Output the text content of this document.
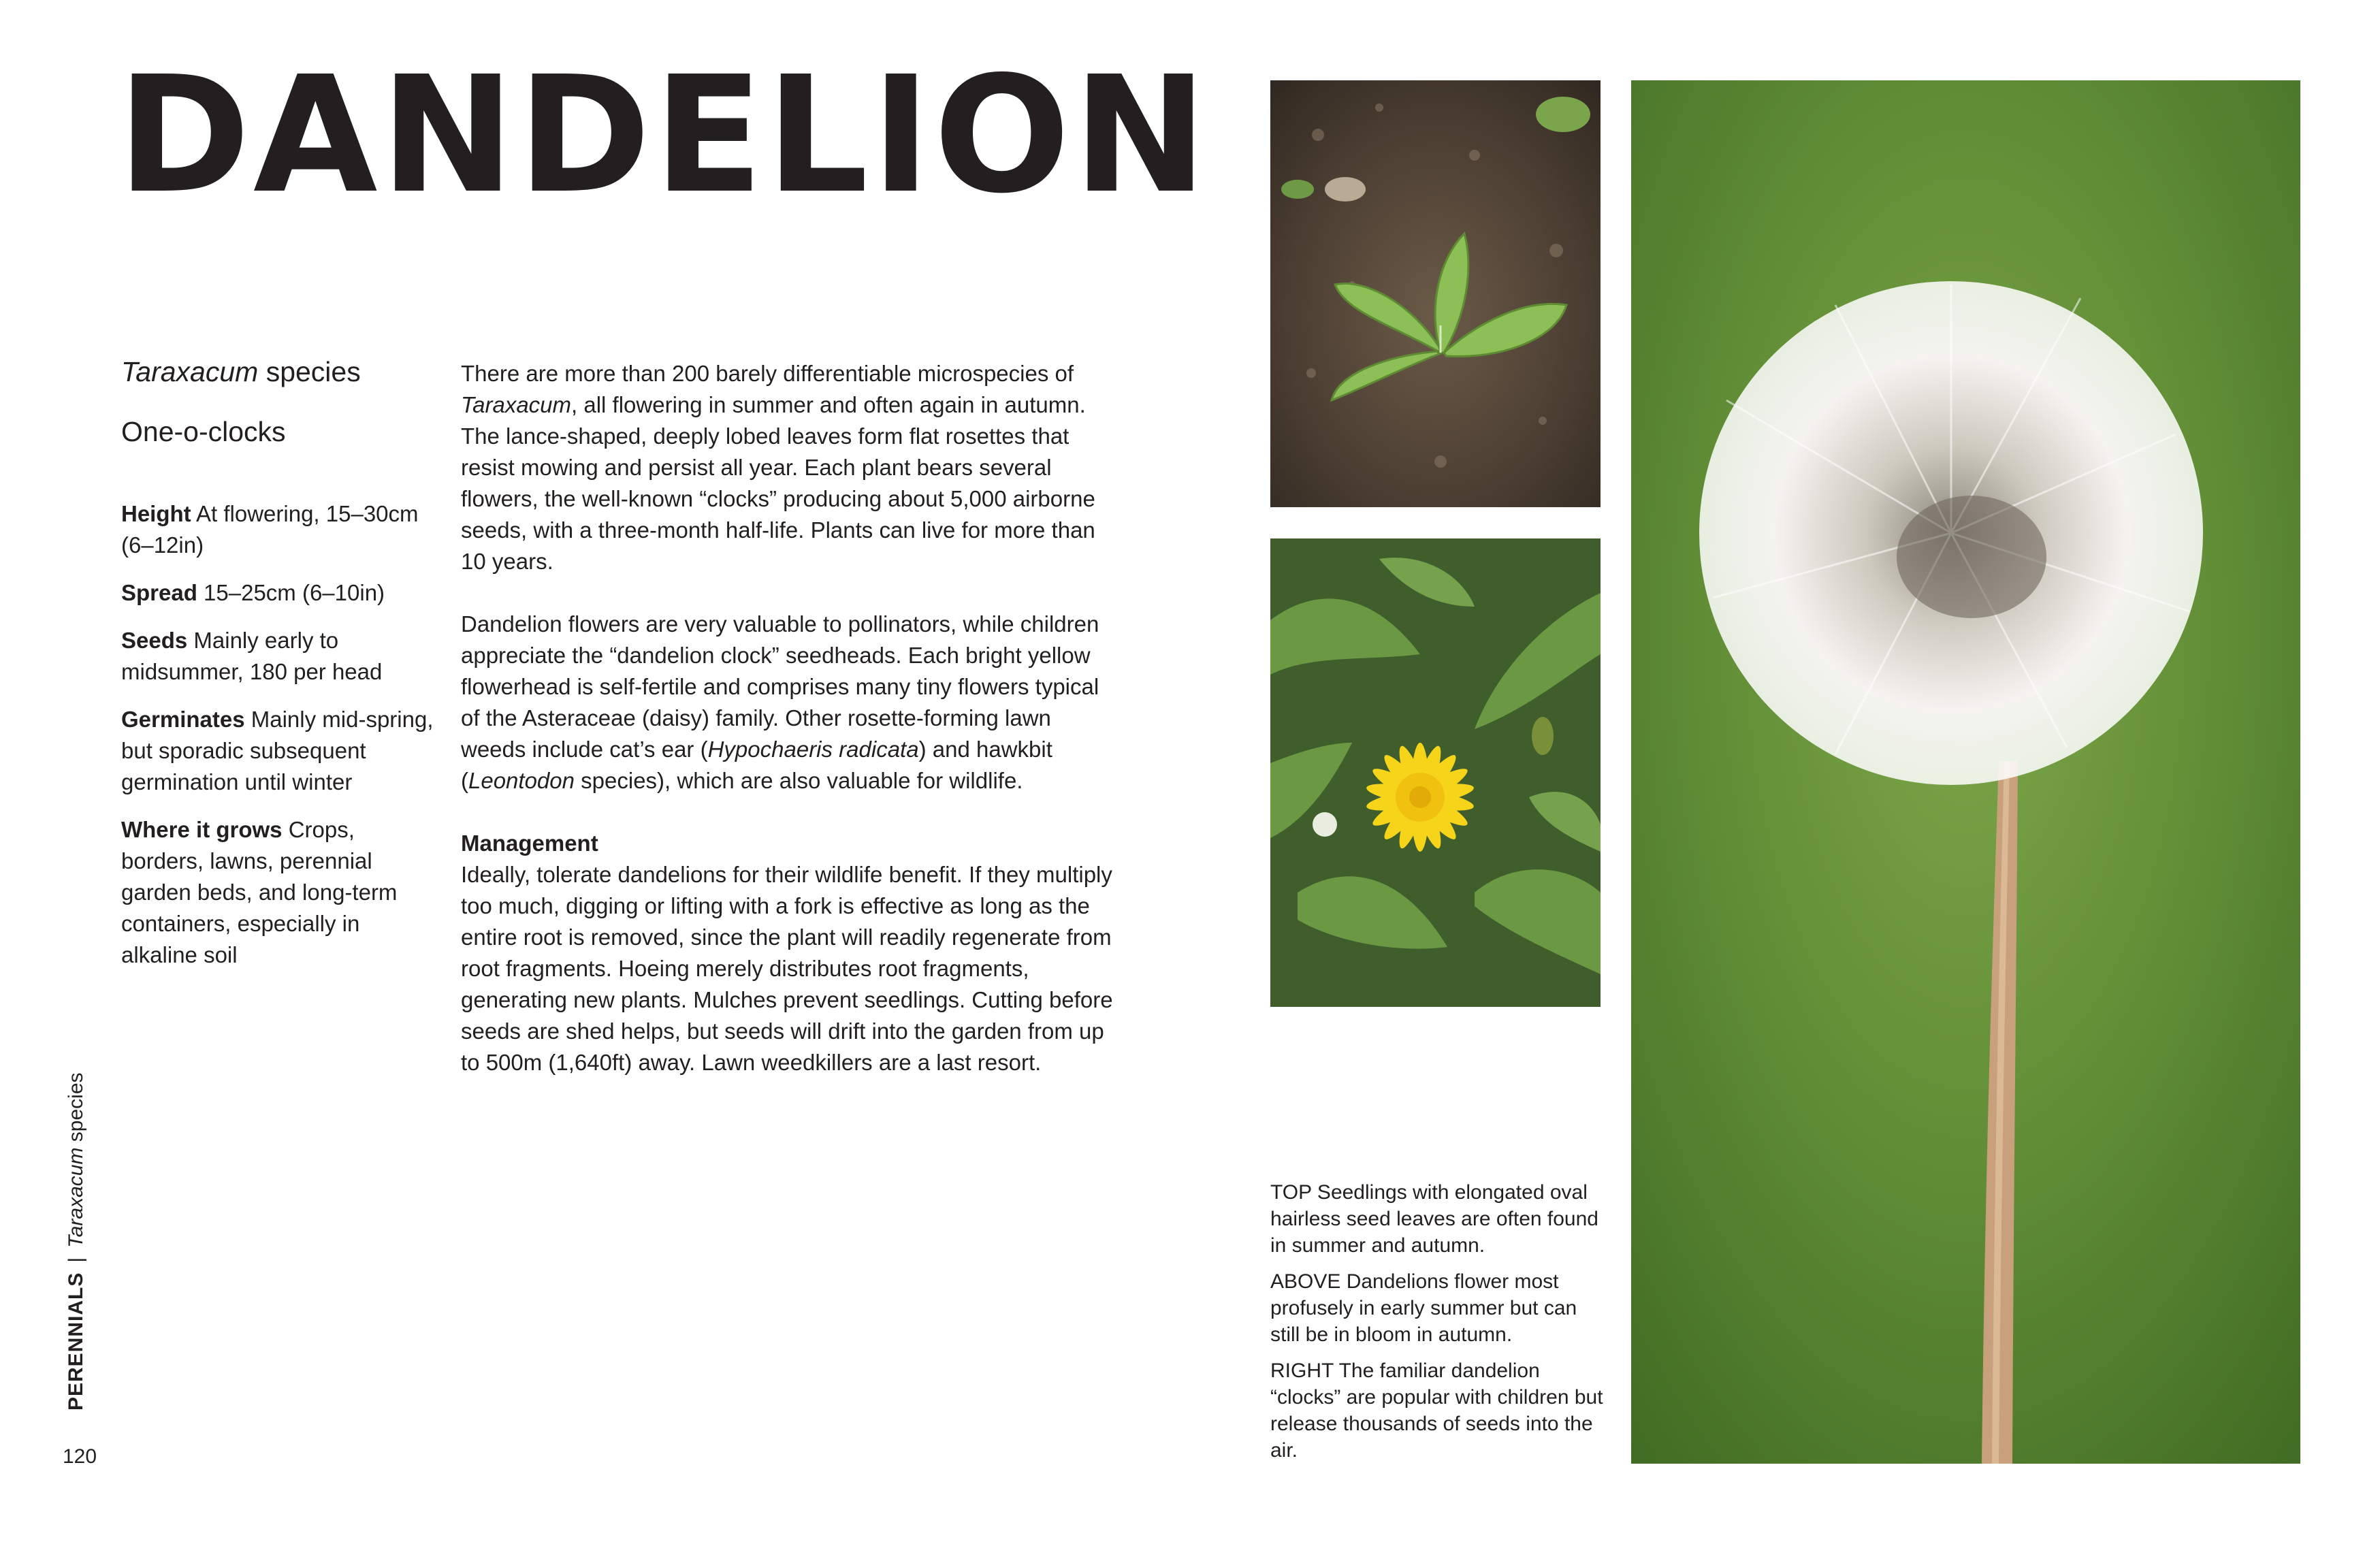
DANDELION

Taraxacum species

One-o-clocks

Height At flowering, 15–30cm (6–12in)

Spread 15–25cm (6–10in)

Seeds Mainly early to midsummer, 180 per head

Germinates Mainly mid-spring, but sporadic subsequent germination until winter

Where it grows Crops, borders, lawns, perennial garden beds, and long-term containers, especially in alkaline soil

There are more than 200 barely differentiable microspecies of Taraxacum, all flowering in summer and often again in autumn. The lance-shaped, deeply lobed leaves form flat rosettes that resist mowing and persist all year. Each plant bears several flowers, the well-known “clocks” producing about 5,000 airborne seeds, with a three-month half-life. Plants can live for more than 10 years.

Dandelion flowers are very valuable to pollinators, while children appreciate the “dandelion clock” seedheads. Each bright yellow flowerhead is self-fertile and comprises many tiny flowers typical of the Asteraceae (daisy) family. Other rosette-forming lawn weeds include cat’s ear (Hypochaeris radicata) and hawkbit (Leontodon species), which are also valuable for wildlife.

Management

Ideally, tolerate dandelions for their wildlife benefit. If they multiply too much, digging or lifting with a fork is effective as long as the entire root is removed, since the plant will readily regenerate from root fragments. Hoeing merely distributes root fragments, generating new plants. Mulches prevent seedlings. Cutting before seeds are shed helps, but seeds will drift into the garden from up to 500m (1,640ft) away. Lawn weedkillers are a last resort.

TOP Seedlings with elongated oval hairless seed leaves are often found in summer and autumn.

ABOVE Dandelions flower most profusely in early summer but can still be in bloom in autumn.

RIGHT The familiar dandelion “clocks” are popular with children but release thousands of seeds into the air.

PERENNIALS|Taraxacum species
120
